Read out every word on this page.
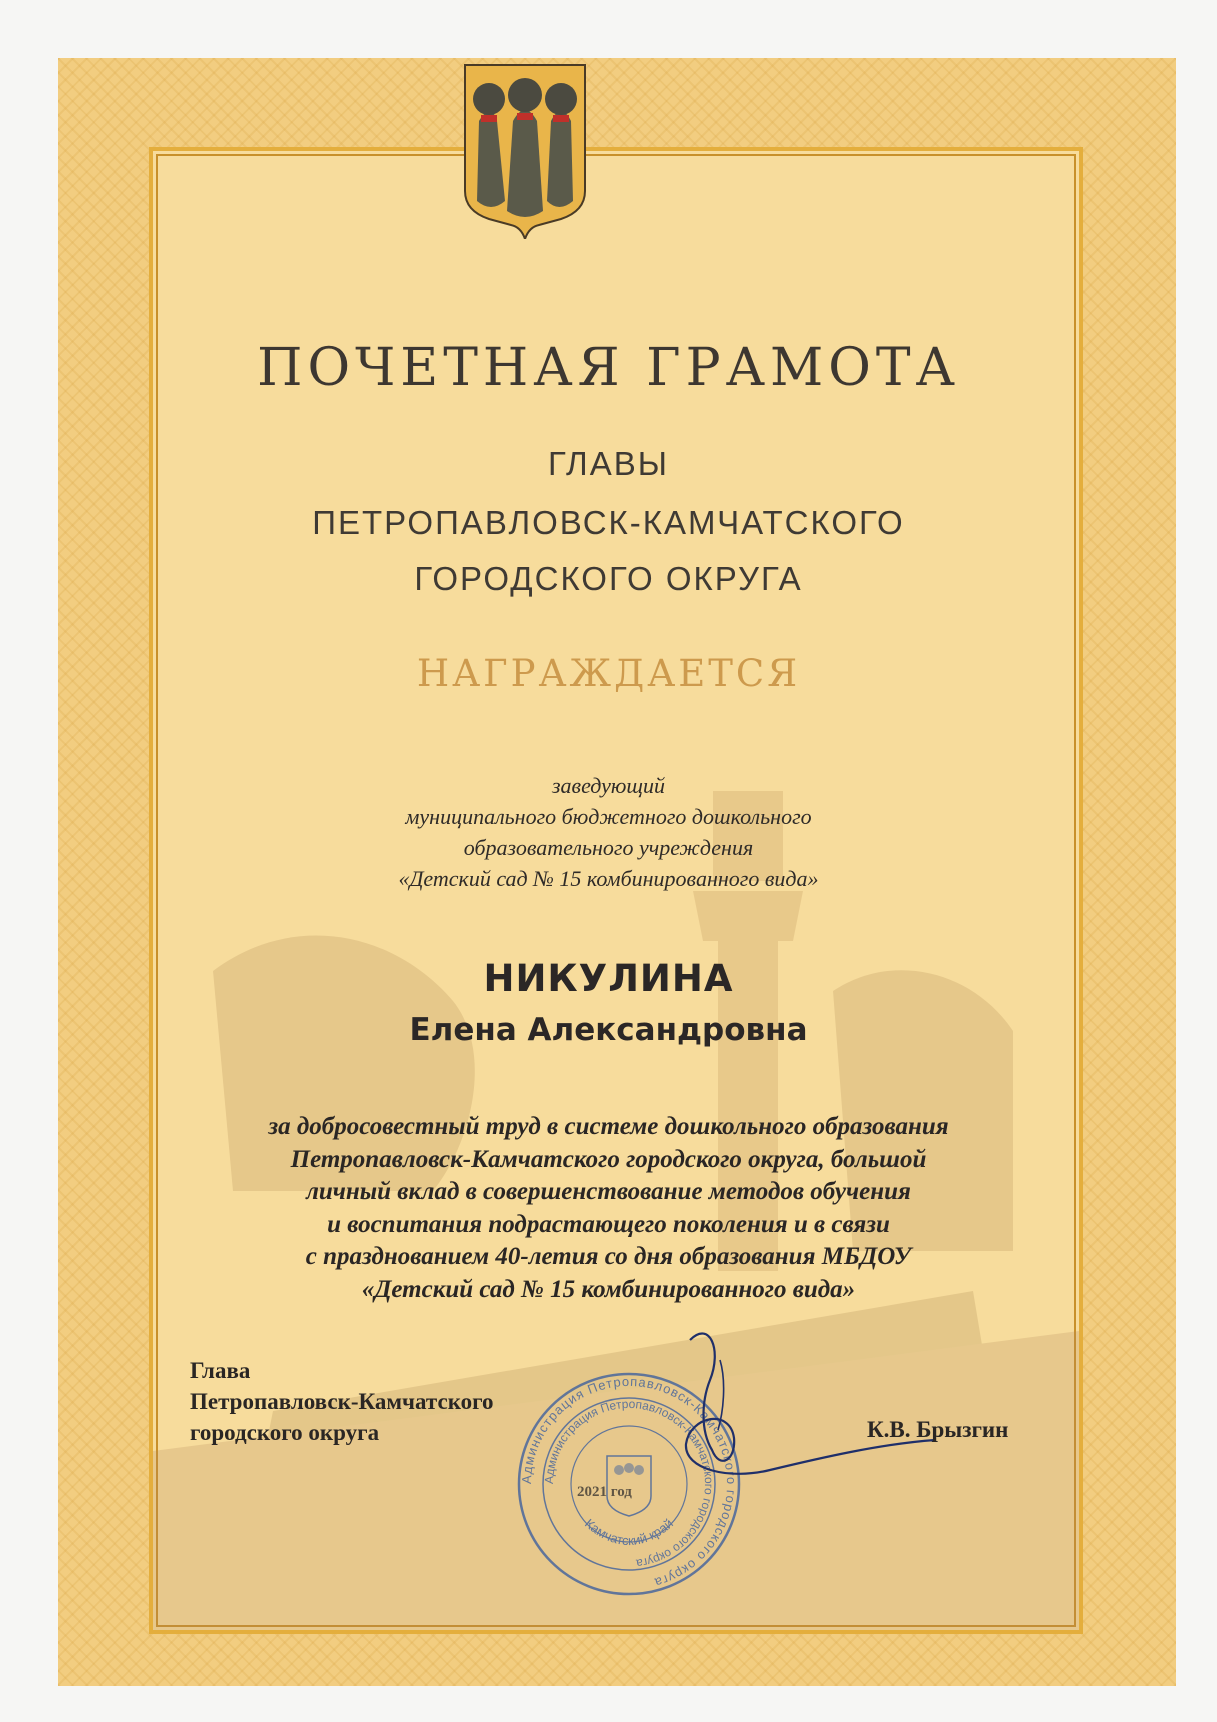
ПОЧЕТНАЯ ГРАМОТА
ГЛАВЫ
ПЕТРОПАВЛОВСК-КАМЧАТСКОГО
ГОРОДСКОГО ОКРУГА
НАГРАЖДАЕТСЯ
заведующий
муниципального бюджетного дошкольного
образовательного учреждения
«Детский сад № 15 комбинированного вида»
НИКУЛИНА
Елена Александровна
за добросовестный труд в системе дошкольного образования
Петропавловск-Камчатского городского округа, большой
личный вклад в совершенствование методов обучения
и воспитания подрастающего поколения и в связи
с празднованием 40-летия со дня образования МБДОУ
«Детский сад № 15 комбинированного вида»
Глава
Петропавловск-Камчатского
городского округа
Администрация Петропавловск-Камчатского городского округа
Администрация Петропавловск-Камчатского городского округа
2021 год
Камчатский край
К.В. Брызгин
